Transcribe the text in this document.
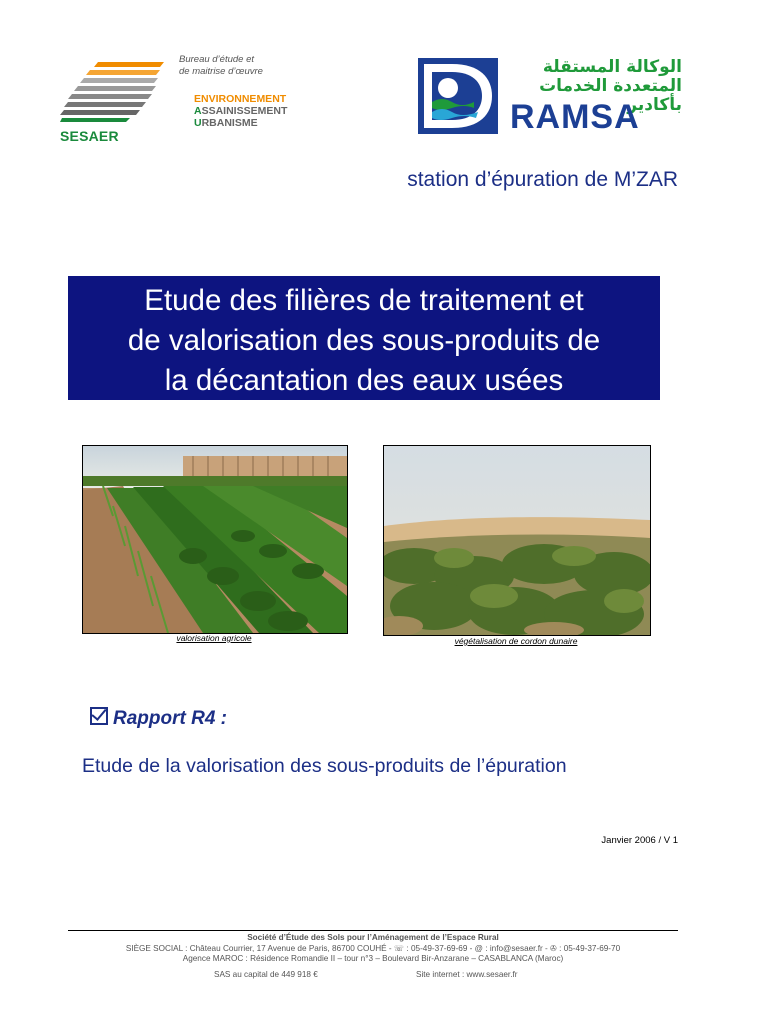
SESAER
Bureau d’étude et
de maitrise d’œuvre
ENVIRONNEMENT
ASSAINISSEMENT
URBANISME
الوكالة المستقلة
المتعددة الخدمات بأكادير
RAMSA
station d’épuration de M’ZAR
Etude des filières de traitement et
de valorisation des sous-produits de
la décantation des eaux usées
valorisation agricole	végétalisation de cordon dunaire
Rapport R4 :
Etude de la valorisation des sous-produits de l’épuration
Janvier 2006 / V 1
Société d’Étude des Sols pour l’Aménagement de l’Espace Rural
SIÈGE SOCIAL : Château Courrier, 17 Avenue de Paris, 86700 COUHÉ - ☏ : 05-49-37-69-69 - @ : info@sesaer.fr - ✇ : 05-49-37-69-70
Agence MAROC : Résidence Romandie II – tour n°3 – Boulevard Bir-Anzarane – CASABLANCA (Maroc)
SAS au capital de 449 918 €	Site internet : www.sesaer.fr
